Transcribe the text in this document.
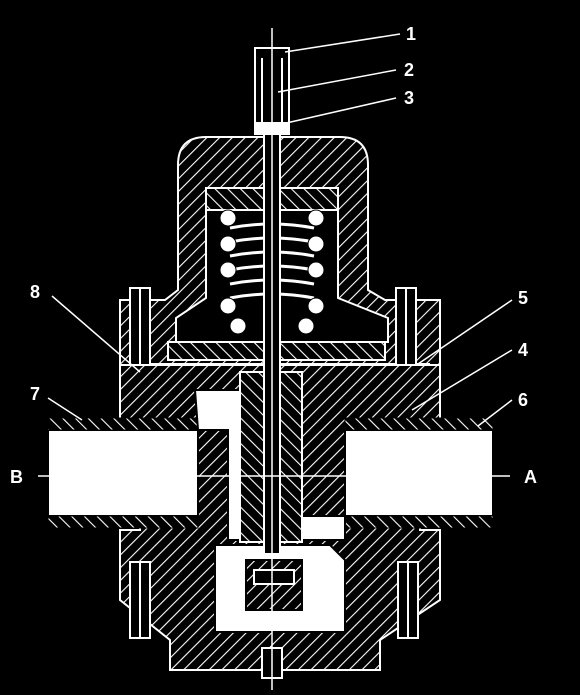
1
2
3
4
5
6
7
8
B	A
